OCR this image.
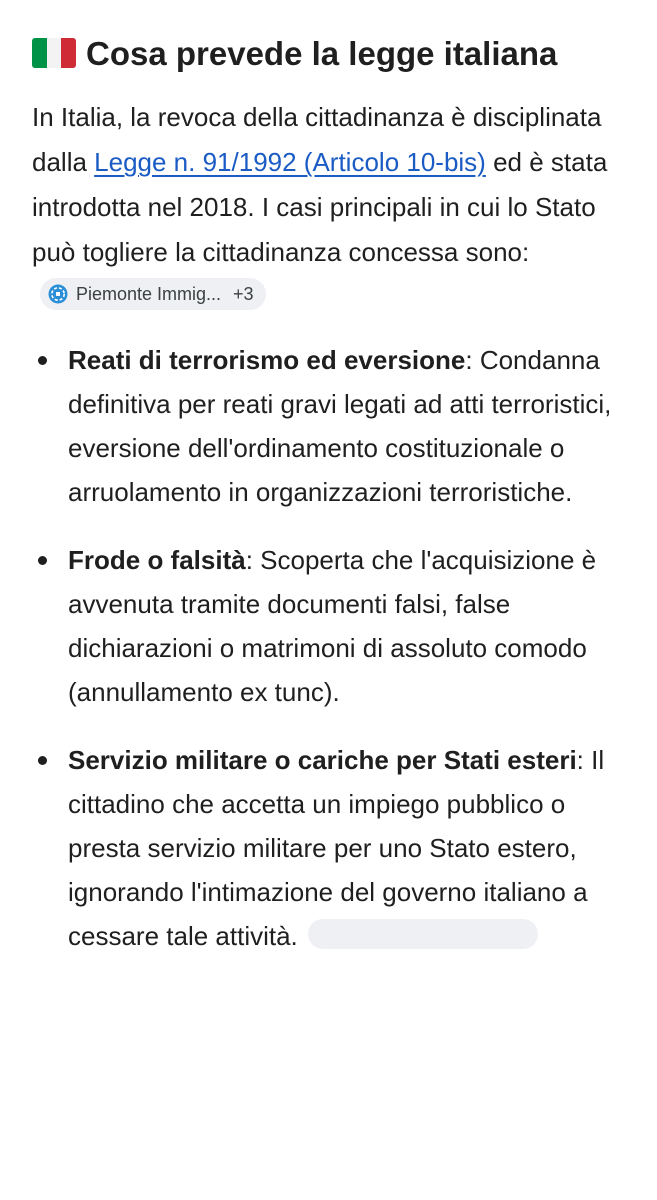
Cosa prevede la legge italiana

In Italia, la revoca della cittadinanza è disciplinata dalla Legge n. 91/1992 (Articolo 10-bis) ed è stata introdotta nel 2018. I casi principali in cui lo Stato può togliere la cittadinanza concessa sono:
Piemonte Immig... +3

Reati di terrorismo ed eversione: Condanna definitiva per reati gravi legati ad atti terroristici, eversione dell'ordinamento costituzionale o arruolamento in organizzazioni terroristiche.
Frode o falsità: Scoperta che l'acquisizione è avvenuta tramite documenti falsi, false dichiarazioni o matrimoni di assoluto comodo (annullamento ex tunc).
Servizio militare o cariche per Stati esteri: Il cittadino che accetta un impiego pubblico o presta servizio militare per uno Stato estero, ignorando l'intimazione del governo italiano a cessare tale attività.
